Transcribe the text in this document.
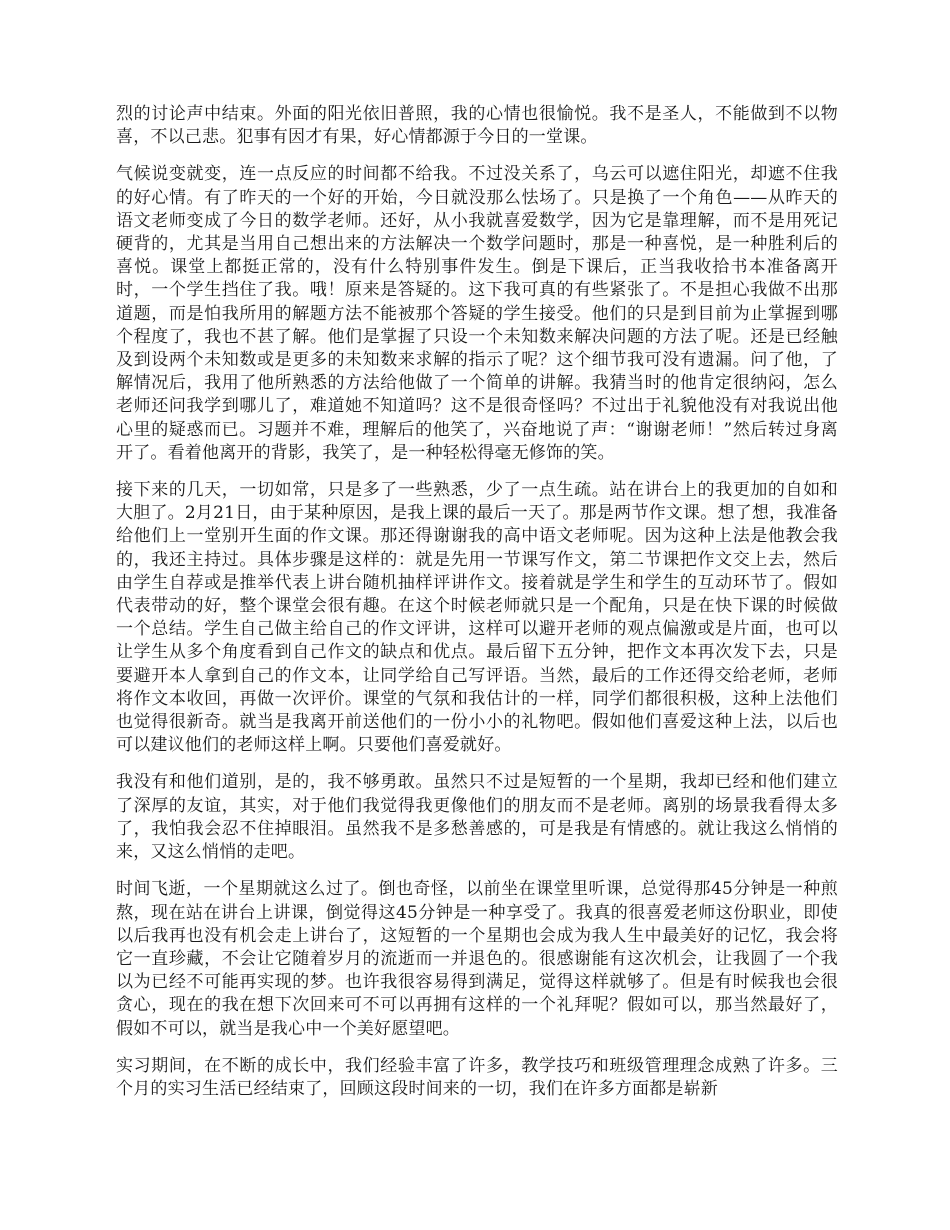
烈的讨论声中结束。外面的阳光依旧普照，我的心情也很愉悦。我不是圣人，不能做到不以物喜，不以己悲。犯事有因才有果，好心情都源于今日的一堂课。

气候说变就变，连一点反应的时间都不给我。不过没关系了，乌云可以遮住阳光，却遮不住我的好心情。有了昨天的一个好的开始，今日就没那么怯场了。只是换了一个角色——从昨天的语文老师变成了今日的数学老师。还好，从小我就喜爱数学，因为它是靠理解，而不是用死记硬背的，尤其是当用自己想出来的方法解决一个数学问题时，那是一种喜悦，是一种胜利后的喜悦。课堂上都挺正常的，没有什么特别事件发生。倒是下课后，正当我收拾书本准备离开时，一个学生挡住了我。哦！原来是答疑的。这下我可真的有些紧张了。不是担心我做不出那道题，而是怕我所用的解题方法不能被那个答疑的学生接受。他们的只是到目前为止掌握到哪个程度了，我也不甚了解。他们是掌握了只设一个未知数来解决问题的方法了呢。还是已经触及到设两个未知数或是更多的未知数来求解的指示了呢？这个细节我可没有遗漏。问了他，了解情况后，我用了他所熟悉的方法给他做了一个简单的讲解。我猜当时的他肯定很纳闷，怎么老师还问我学到哪儿了，难道她不知道吗？这不是很奇怪吗？不过出于礼貌他没有对我说出他心里的疑惑而已。习题并不难，理解后的他笑了，兴奋地说了声：“谢谢老师！”然后转过身离开了。看着他离开的背影，我笑了，是一种轻松得毫无修饰的笑。

接下来的几天，一切如常，只是多了一些熟悉，少了一点生疏。站在讲台上的我更加的自如和大胆了。2月21日，由于某种原因，是我上课的最后一天了。那是两节作文课。想了想，我准备给他们上一堂别开生面的作文课。那还得谢谢我的高中语文老师呢。因为这种上法是他教会我的，我还主持过。具体步骤是这样的：就是先用一节课写作文，第二节课把作文交上去，然后由学生自荐或是推举代表上讲台随机抽样评讲作文。接着就是学生和学生的互动环节了。假如代表带动的好，整个课堂会很有趣。在这个时候老师就只是一个配角，只是在快下课的时候做一个总结。学生自己做主给自己的作文评讲，这样可以避开老师的观点偏激或是片面，也可以让学生从多个角度看到自己作文的缺点和优点。最后留下五分钟，把作文本再次发下去，只是要避开本人拿到自己的作文本，让同学给自己写评语。当然，最后的工作还得交给老师，老师将作文本收回，再做一次评价。课堂的气氛和我估计的一样，同学们都很积极，这种上法他们也觉得很新奇。就当是我离开前送他们的一份小小的礼物吧。假如他们喜爱这种上法，以后也可以建议他们的老师这样上啊。只要他们喜爱就好。

我没有和他们道别，是的，我不够勇敢。虽然只不过是短暂的一个星期，我却已经和他们建立了深厚的友谊，其实，对于他们我觉得我更像他们的朋友而不是老师。离别的场景我看得太多了，我怕我会忍不住掉眼泪。虽然我不是多愁善感的，可是我是有情感的。就让我这么悄悄的来，又这么悄悄的走吧。

时间飞逝，一个星期就这么过了。倒也奇怪，以前坐在课堂里听课，总觉得那45分钟是一种煎熬，现在站在讲台上讲课，倒觉得这45分钟是一种享受了。我真的很喜爱老师这份职业，即使以后我再也没有机会走上讲台了，这短暂的一个星期也会成为我人生中最美好的记忆，我会将它一直珍藏，不会让它随着岁月的流逝而一并退色的。很感谢能有这次机会，让我圆了一个我以为已经不可能再实现的梦。也许我很容易得到满足，觉得这样就够了。但是有时候我也会很贪心，现在的我在想下次回来可不可以再拥有这样的一个礼拜呢？假如可以，那当然最好了，假如不可以，就当是我心中一个美好愿望吧。

实习期间，在不断的成长中，我们经验丰富了许多，教学技巧和班级管理理念成熟了许多。三个月的实习生活已经结束了，回顾这段时间来的一切，我们在许多方面都是崭新
